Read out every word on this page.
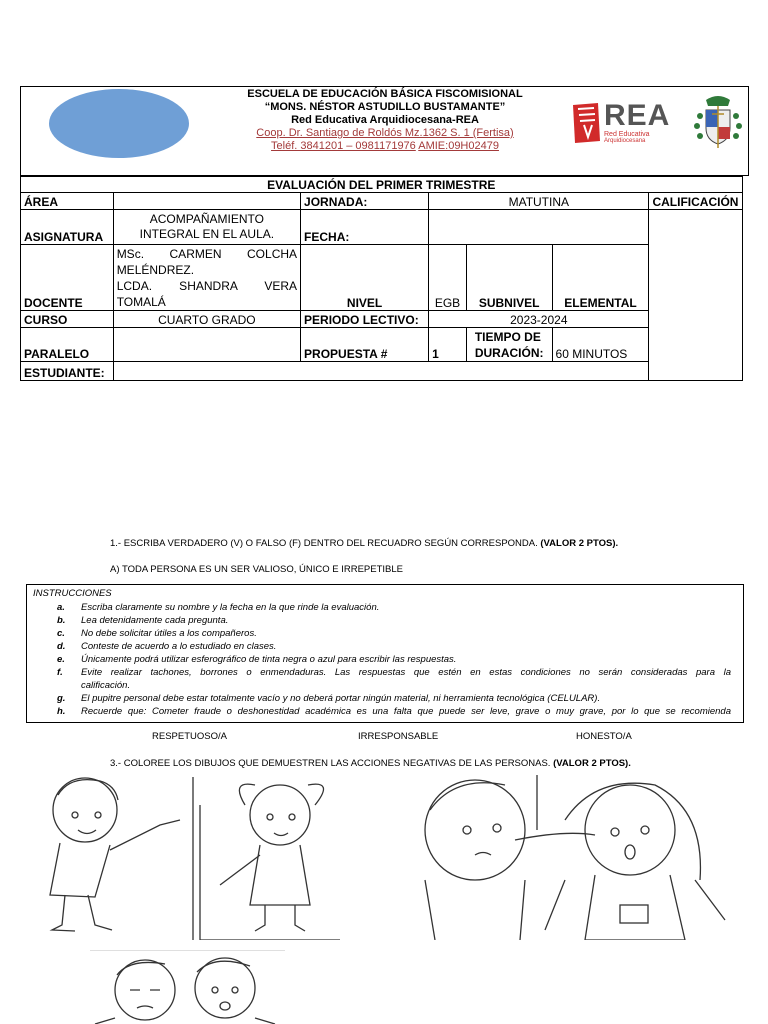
ESCUELA DE EDUCACIÓN BÁSICA FISCOMISIONAL
“MONS. NÉSTOR ASTUDILLO BUSTAMANTE”
Red Educativa Arquidiocesana-REA
Coop. Dr. Santiago de Roldós Mz.1362 S. 1 (Fertisa)
Teléf. 3841201 – 0981171976 AMIE:09H02479
REA
Red Educativa
Arquidiocesana
EVALUACIÓN DEL PRIMER TRIMESTRE							
ÁREA		JORNADA:	MATUTINA			CALIFICACIÓN	
ASIGNATURA	ACOMPAÑAMIENTO INTEGRAL EN EL AULA.	FECHA:					
DOCENTE	MSc. CARMEN COLCHA
MELÉNDREZ.
LCDA. SHANDRA VERA
TOMALÁ	NIVEL	EGB	SUBNIVEL	ELEMENTAL		
CURSO	CUARTO GRADO	PERIODO LECTIVO:	2023-2024				
PARALELO		PROPUESTA #	1	TIEMPO DE
DURACIÓN:	60 MINUTOS		
ESTUDIANTE:							
1.- ESCRIBA VERDADERO (V) O FALSO (F) DENTRO DEL RECUADRO SEGÚN CORRESPONDA. (VALOR 2 PTOS).
A) TODA PERSONA ES UN SER VALIOSO, ÚNICO E IRREPETIBLE
INSTRUCCIONES
a. Escriba claramente su nombre y la fecha en la que rinde la evaluación.
b. Lea detenidamente cada pregunta.
c. No debe solicitar útiles a los compañeros.
d. Conteste de acuerdo a lo estudiado en clases.
e. Únicamente podrá utilizar esferográfico de tinta negra o azul para escribir las respuestas.
f. Evite realizar tachones, borrones o enmendaduras. Las respuestas que estén en estas condiciones no serán consideradas para la
calificación.
g. El pupitre personal debe estar totalmente vacío y no deberá portar ningún material, ni herramienta tecnológica (CELULAR).
h. Recuerde que: Cometer fraude o deshonestidad académica es una falta que puede ser leve, grave o muy grave, por lo que se recomienda
RESPETUOSO/A	IRRESPONSABLE	HONESTO/A
3.- COLOREE LOS DIBUJOS QUE DEMUESTREN LAS ACCIONES NEGATIVAS DE LAS PERSONAS. (VALOR 2 PTOS).
